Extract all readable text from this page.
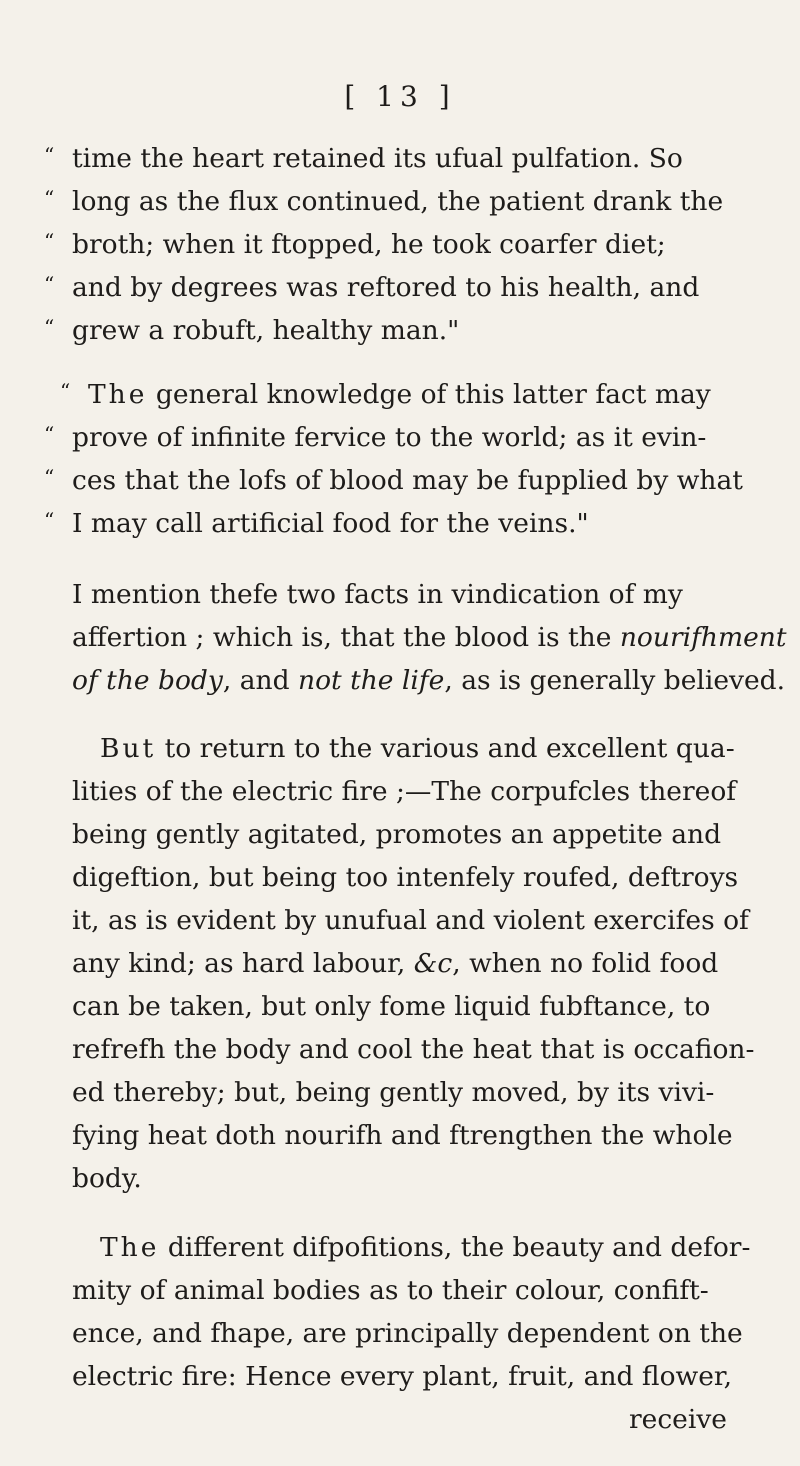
[ 13 ]
“ time the heart retained its ufual pulfation. So
“ long as the flux continued, the patient drank the
“ broth; when it ftopped, he took coarfer diet;
“ and by degrees was reftored to his health, and
“ grew a robuft, healthy man."
“ The general knowledge of this latter fact may
“ prove of infinite fervice to the world; as it evin-
“ ces that the lofs of blood may be fupplied by what
“ I may call artificial food for the veins."
I mention thefe two facts in vindication of my
affertion ; which is, that the blood is the nourifhment
of the body, and not the life, as is generally believed.
But to return to the various and excellent qua-
lities of the electric fire ;—The corpufcles thereof
being gently agitated, promotes an appetite and
digeftion, but being too intenfely roufed, deftroys
it, as is evident by unufual and violent exercifes of
any kind; as hard labour, &c, when no folid food
can be taken, but only fome liquid fubftance, to
refrefh the body and cool the heat that is occafion-
ed thereby; but, being gently moved, by its vivi-
fying heat doth nourifh and ftrengthen the whole
body.
The different difpofitions, the beauty and defor-
mity of animal bodies as to their colour, confift-
ence, and fhape, are principally dependent on the
electric fire: Hence every plant, fruit, and flower,
receive
